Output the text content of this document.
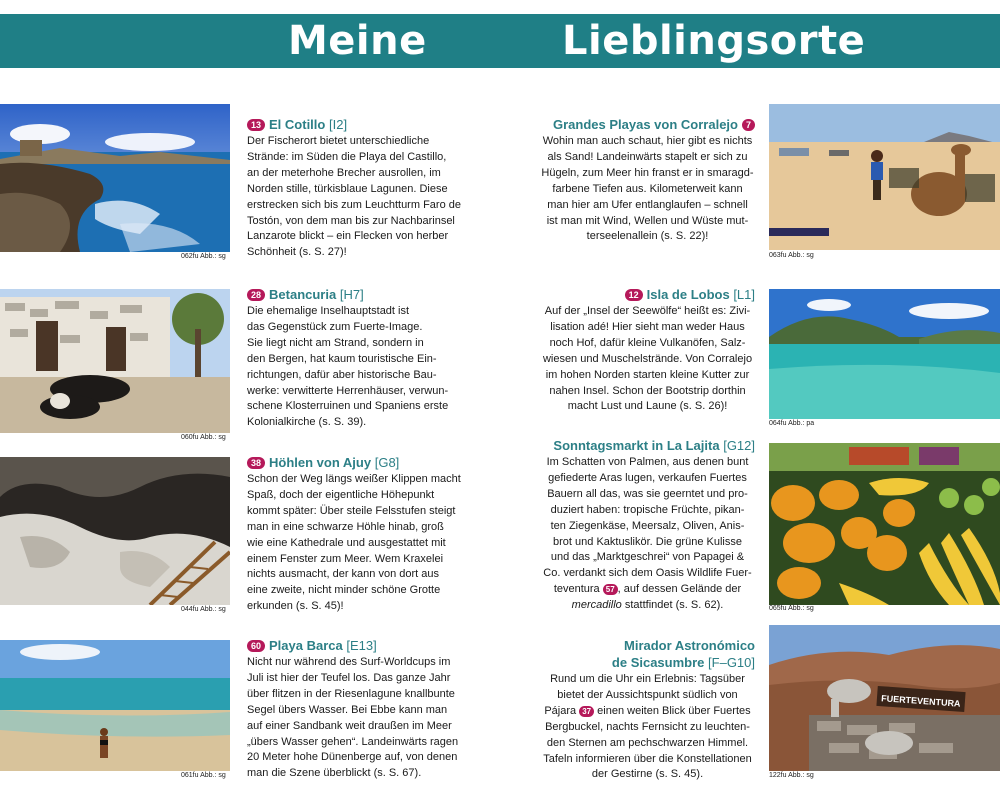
Meine	Lieblingsorte
062fu Abb.: sg
13 El Cotillo [I2]
Der Fischerort bietet unterschiedliche
Strände: im Süden die Playa del Castillo,
an der meterhohe Brecher ausrollen, im
Norden stille, türkisblaue Lagunen. Diese
erstrecken sich bis zum Leuchtturm Faro de
Tostón, von dem man bis zur Nachbarinsel
Lanzarote blickt – ein Flecken von herber
Schönheit (s. S. 27)!
060fu Abb.: sg
28 Betancuria [H7]
Die ehemalige Inselhauptstadt ist
das Gegenstück zum Fuerte-Image.
Sie liegt nicht am Strand, sondern in
den Bergen, hat kaum touristische Ein-
richtungen, dafür aber historische Bau-
werke: verwitterte Herrenhäuser, verwun-
schene Klosterruinen und Spaniens erste
Kolonialkirche (s. S. 39).
044fu Abb.: sg
38 Höhlen von Ajuy [G8]
Schon der Weg längs weißer Klippen macht
Spaß, doch der eigentliche Höhepunkt
kommt später: Über steile Felsstufen steigt
man in eine schwarze Höhle hinab, groß
wie eine Kathedrale und ausgestattet mit
einem Fenster zum Meer. Wem Kraxelei
nichts ausmacht, der kann von dort aus
eine zweite, nicht minder schöne Grotte
erkunden (s. S. 45)!
061fu Abb.: sg
60 Playa Barca [E13]
Nicht nur während des Surf-Worldcups im
Juli ist hier der Teufel los. Das ganze Jahr
über flitzen in der Riesenlagune knallbunte
Segel übers Wasser. Bei Ebbe kann man
auf einer Sandbank weit draußen im Meer
„übers Wasser gehen“. Landeinwärts ragen
20 Meter hohe Dünenberge auf, von denen
man die Szene überblickt (s. S. 67).
Grandes Playas von Corralejo 7
Wohin man auch schaut, hier gibt es nichts
als Sand! Landeinwärts stapelt er sich zu
Hügeln, zum Meer hin franst er in smaragd-
farbene Tiefen aus. Kilometerweit kann
man hier am Ufer entlanglaufen – schnell
ist man mit Wind, Wellen und Wüste mut-
terseelenallein (s. S. 22)!
063fu Abb.: sg
12 Isla de Lobos [L1]
Auf der „Insel der Seewölfe“ heißt es: Zivi-
lisation adé! Hier sieht man weder Haus
noch Hof, dafür kleine Vulkanöfen, Salz-
wiesen und Muschelstrände. Von Corralejo
im hohen Norden starten kleine Kutter zur
nahen Insel. Schon der Bootstrip dorthin
macht Lust und Laune (s. S. 26)!
064fu Abb.: pa
Sonntagsmarkt in La Lajita [G12]
Im Schatten von Palmen, aus denen bunt
gefiederte Aras lugen, verkaufen Fuertes
Bauern all das, was sie geerntet und pro-
duziert haben: tropische Früchte, pikan-
ten Ziegenkäse, Meersalz, Oliven, Anis-
brot und Kaktuslikör. Die grüne Kulisse
und das „Marktgeschrei“ von Papagei &
Co. verdankt sich dem Oasis Wildlife Fuer-
teventura 57 , auf dessen Gelände der
mercadillo stattfindet (s. S. 62).	065fu Abb.: sg
Mirador Astronómico
de Sicasumbre [F–G10]
Rund um die Uhr ein Erlebnis: Tagsüber
bietet der Aussichtspunkt südlich von
Pájara 37 einen weiten Blick über Fuertes
Bergbuckel, nachts Fernsicht zu leuchten-
den Sternen am pechschwarzen Himmel.
Tafeln informieren über die Konstellationen
der Gestirne (s. S. 45).
FUERTEVENTURA
122fu Abb.: sg
